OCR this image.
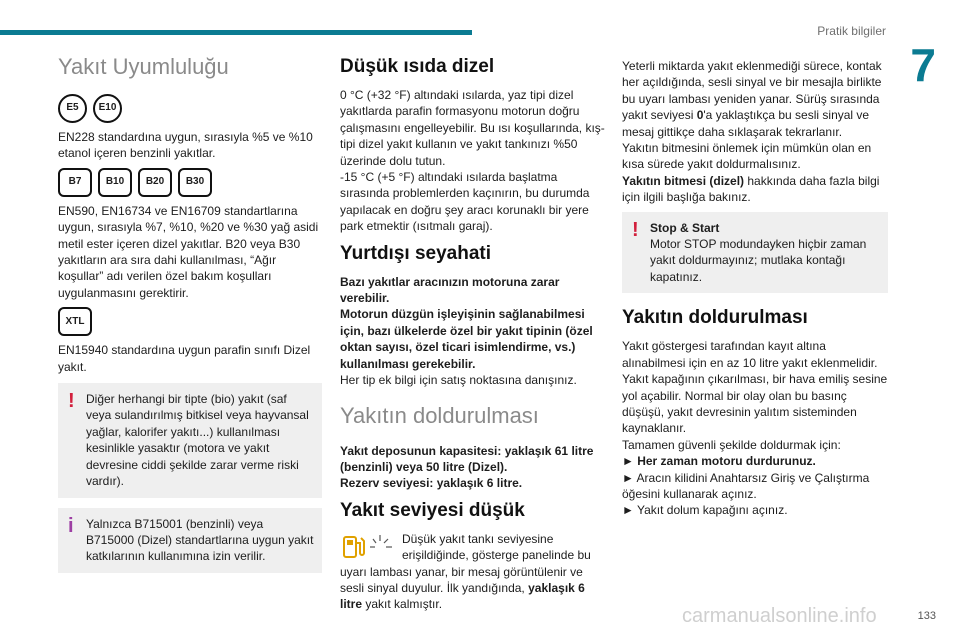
Pratik bilgiler
7
Yakıt Uyumluluğu
E5	E10

EN228 standardına uygun, sırasıyla %5 ve %10 etanol içeren benzinli yakıtlar.

B7	B10	B20	B30

EN590, EN16734 ve EN16709 standartlarına uygun, sırasıyla %7, %10, %20 ve %30 yağ asidi metil ester içeren dizel yakıtlar. B20 veya B30 yakıtların ara sıra dahi kullanılması, “Ağır koşullar” adı verilen özel bakım koşulları uygulanmasını gerektirir.

XTL

EN15940 standardına uygun parafin sınıfı Dizel yakıt.

! Diğer herhangi bir tipte (bio) yakıt (saf veya sulandırılmış bitkisel veya hayvansal yağlar, kalorifer yakıtı...) kullanılması kesinlikle yasaktır (motora ve yakıt devresine ciddi şekilde zarar verme riski vardır).
i Yalnızca B715001 (benzinli) veya B715000 (Dizel) standartlarına uygun yakıt katkılarının kullanımına izin verilir.
Düşük ısıda dizel

0 °C (+32 °F) altındaki ısılarda, yaz tipi dizel yakıtlarda parafin formasyonu motorun doğru çalışmasını engelleyebilir. Bu ısı koşullarında, kış-tipi dizel yakıt kullanın ve yakıt tankınızı %50 üzerinde dolu tutun.

-15 °C (+5 °F) altındaki ısılarda başlatma sırasında problemlerden kaçınırın, bu durumda yapılacak en doğru şey aracı korunaklı bir yere park etmektir (ısıtmalı garaj).

Yurtdışı seyahati

Bazı yakıtlar aracınızın motoruna zarar verebilir.

Motorun düzgün işleyişinin sağlanabilmesi için, bazı ülkelerde özel bir yakıt tipinin (özel oktan sayısı, özel ticari isimlendirme, vs.) kullanılması gerekebilir.

Her tip ek bilgi için satış noktasına danışınız.

Yakıtın doldurulması

Yakıt deposunun kapasitesi: yaklaşık 61 litre (benzinli) veya 50 litre (Dizel).

Rezerv seviyesi: yaklaşık 6 litre.

Yakıt seviyesi düşük
Düşük yakıt tankı seviyesine erişildiğinde, gösterge panelinde bu uyarı lambası yanar, bir mesaj görüntülenir ve sesli sinyal duyulur. İlk yandığında, yaklaşık 6 litre yakıt kalmıştır.

Yeterli miktarda yakıt eklenmediği sürece, kontak her açıldığında, sesli sinyal ve bir mesajla birlikte bu uyarı lambası yeniden yanar. Sürüş sırasında yakıt seviyesi 0'a yaklaştıkça bu sesli sinyal ve mesaj gittikçe daha sıklaşarak tekrarlanır.

Yakıtın bitmesini önlemek için mümkün olan en kısa sürede yakıt doldurmalısınız.

Yakıtın bitmesi (dizel) hakkında daha fazla bilgi için ilgili başlığa bakınız.

! Stop & Start
Motor STOP modundayken hiçbir zaman yakıt doldurmayınız; mutlaka kontağı kapatınız.
Yakıtın doldurulması

Yakıt göstergesi tarafından kayıt altına alınabilmesi için en az 10 litre yakıt eklenmelidir.

Yakıt kapağının çıkarılması, bir hava emiliş sesine yol açabilir. Normal bir olay olan bu basınç düşüşü, yakıt devresinin yalıtım sisteminden kaynaklanır.

Tamamen güvenli şekilde doldurmak için:

► Her zaman motoru durdurunuz.

► Aracın kilidini Anahtarsız Giriş ve Çalıştırma öğesini kullanarak açınız.

► Yakıt dolum kapağını açınız.

carmanualsonline.info	133
